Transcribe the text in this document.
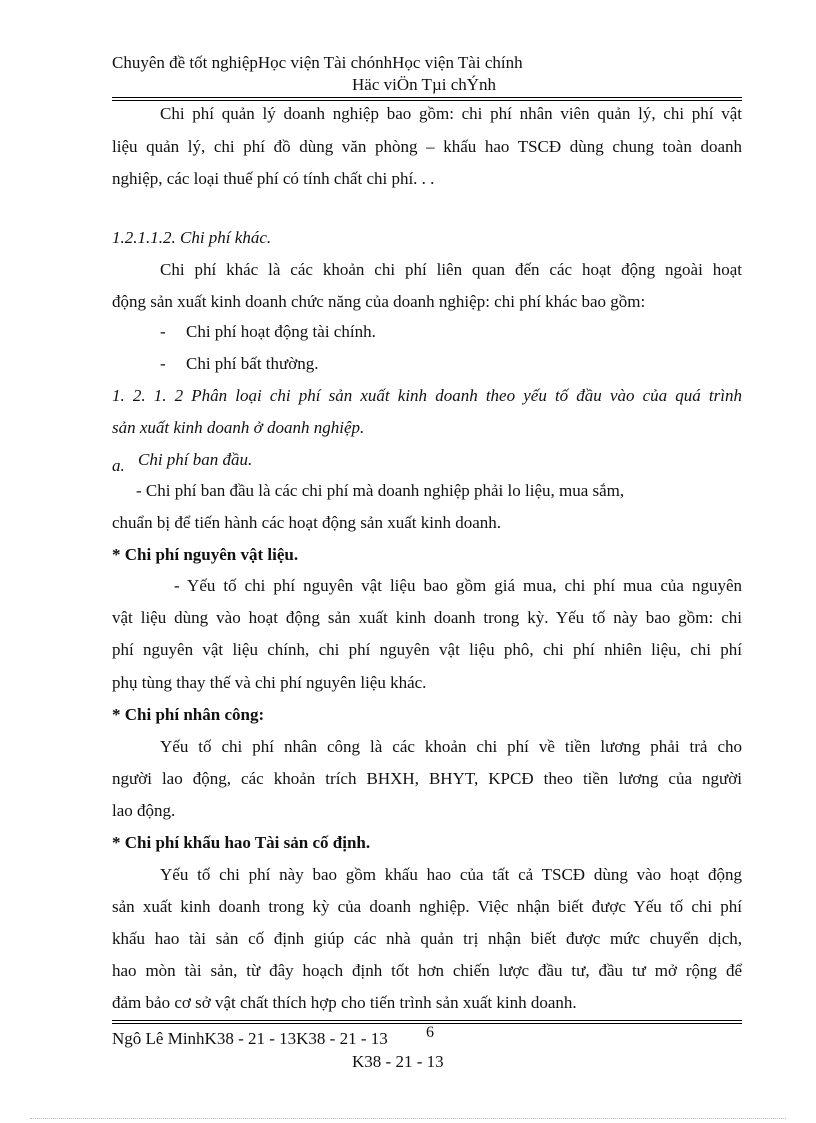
Chuyên đề tốt nghiệpHọc viện Tài chónhHọc viện Tài chính
Häc viÖn Tµi chÝnh
Chi phí quản lý doanh nghiệp bao gồm: chi phí nhân viên quản lý, chi phí vật
liệu quản lý, chi phí đồ dùng văn phòng – khấu hao TSCĐ dùng chung toàn doanh
nghiệp, các loại thuế phí có tính chất chi phí. . .
1.2.1.1.2. Chi phí khác.
Chi phí khác là các khoản chi phí liên quan đến các hoạt động ngoài hoạt
động sản xuất kinh doanh chức năng của doanh nghiệp: chi phí khác bao gồm:
- Chi phí hoạt động tài chính.
- Chi phí bất thường.
1. 2. 1. 2 Phân loại chi phí sản xuất kinh doanh theo yếu tố đầu vào của quá trình
sản xuất kinh doanh ở doanh nghiệp.
a. Chi phí ban đầu.
- Chi phí ban đầu là các chi phí mà doanh nghiệp phải lo liệu, mua sắm,
chuẩn bị để tiến hành các hoạt động sản xuất kinh doanh.
* Chi phí nguyên vật liệu.
- Yếu tố chi phí nguyên vật liệu bao gồm giá mua, chi phí mua của nguyên
vật liệu dùng vào hoạt động sản xuất kinh doanh trong kỳ. Yếu tố này bao gồm: chi
phí nguyên vật liệu chính, chi phí nguyên vật liệu phô, chi phí nhiên liệu, chi phí
phụ tùng thay thế và chi phí nguyên liệu khác.
* Chi phí nhân công:
Yếu tố chi phí nhân công là các khoản chi phí về tiền lương phải trả cho
người lao động, các khoản trích BHXH, BHYT, KPCĐ theo tiền lương của người
lao động.
* Chi phí khấu hao Tài sản cố định.
Yếu tố chi phí này bao gồm khấu hao của tất cả TSCĐ dùng vào hoạt động
sản xuất kinh doanh trong kỳ của doanh nghiệp. Việc nhận biết được Yếu tố chi phí
khấu hao tài sản cố định giúp các nhà quản trị nhận biết được mức chuyển dịch,
hao mòn tài sản, từ đây hoạch định tốt hơn chiến lược đầu tư, đầu tư mở rộng để
đảm bảo cơ sở vật chất thích hợp cho tiến trình sản xuất kinh doanh.
Ngô Lê MinhK38 - 21 - 13K38 - 21 - 13 6
K38 - 21 - 13
